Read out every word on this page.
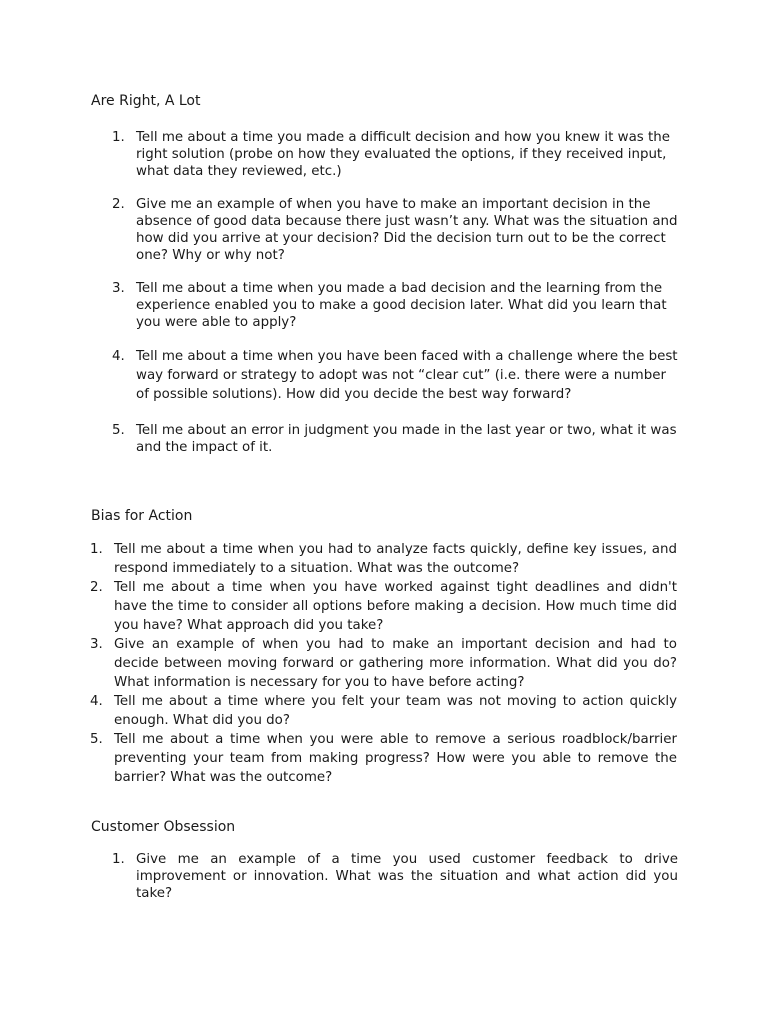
Are Right, A Lot
1. Tell me about a time you made a difficult decision and how you knew it was the right solution (probe on how they evaluated the options, if they received input, what data they reviewed, etc.)
2. Give me an example of when you have to make an important decision in the absence of good data because there just wasn’t any. What was the situation and how did you arrive at your decision? Did the decision turn out to be the correct one? Why or why not?
3. Tell me about a time when you made a bad decision and the learning from the experience enabled you to make a good decision later. What did you learn that you were able to apply?
4. Tell me about a time when you have been faced with a challenge where the best way forward or strategy to adopt was not “clear cut” (i.e. there were a number of possible solutions). How did you decide the best way forward?
5. Tell me about an error in judgment you made in the last year or two, what it was and the impact of it.
Bias for Action
1. Tell me about a time when you had to analyze facts quickly, define key issues, and respond immediately to a situation. What was the outcome?
2. Tell me about a time when you have worked against tight deadlines and didn't have the time to consider all options before making a decision. How much time did you have? What approach did you take?
3. Give an example of when you had to make an important decision and had to decide between moving forward or gathering more information. What did you do? What information is necessary for you to have before acting?
4. Tell me about a time where you felt your team was not moving to action quickly enough. What did you do?
5. Tell me about a time when you were able to remove a serious roadblock/barrier preventing your team from making progress? How were you able to remove the barrier? What was the outcome?
Customer Obsession
1. Give me an example of a time you used customer feedback to drive improvement or innovation. What was the situation and what action did you take?
